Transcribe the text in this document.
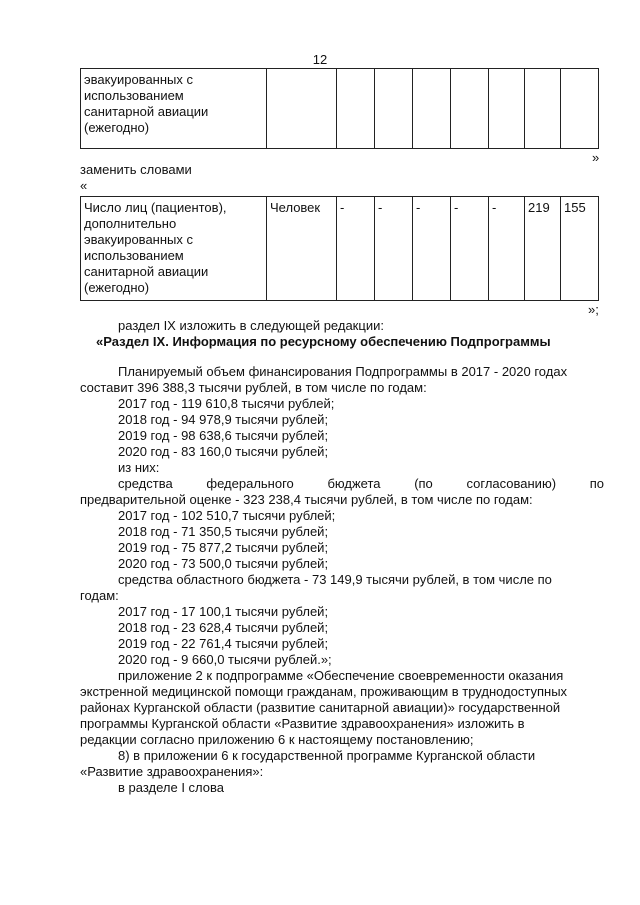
12
эвакуированных с
использованием
санитарной авиации
(ежегодно)

»
заменить словами
«
Число лиц (пациентов),
дополнительно
эвакуированных с
использованием
санитарной авиации
(ежегодно)
	Человек	-	-	-	-	-	219	155
»;
раздел IX изложить в следующей редакции:
«Раздел IX. Информация по ресурсному обеспечению Подпрограммы
Планируемый объем финансирования Подпрограммы в 2017 - 2020 годах
составит 396 388,3 тысячи рублей, в том числе по годам:
2017 год - 119 610,8 тысячи рублей;
2018 год - 94 978,9 тысячи рублей;
2019 год - 98 638,6 тысячи рублей;
2020 год - 83 160,0 тысячи рублей;
из них:
средства	федерального	бюджета	(по	согласованию)	по
предварительной оценке - 323 238,4 тысячи рублей, в том числе по годам:
2017 год - 102 510,7 тысячи рублей;
2018 год - 71 350,5 тысячи рублей;
2019 год - 75 877,2 тысячи рублей;
2020 год - 73 500,0 тысячи рублей;
средства областного бюджета - 73 149,9 тысячи рублей, в том числе по
годам:
2017 год - 17 100,1 тысячи рублей;
2018 год - 23 628,4 тысячи рублей;
2019 год - 22 761,4 тысячи рублей;
2020 год - 9 660,0 тысячи рублей.»;
приложение 2 к подпрограмме «Обеспечение своевременности оказания
экстренной медицинской помощи гражданам, проживающим в труднодоступных
районах Курганской области (развитие санитарной авиации)» государственной
программы Курганской области «Развитие здравоохранения» изложить в
редакции согласно приложению 6 к настоящему постановлению;
8) в приложении 6 к государственной программе Курганской области
«Развитие здравоохранения»:
в разделе I слова
